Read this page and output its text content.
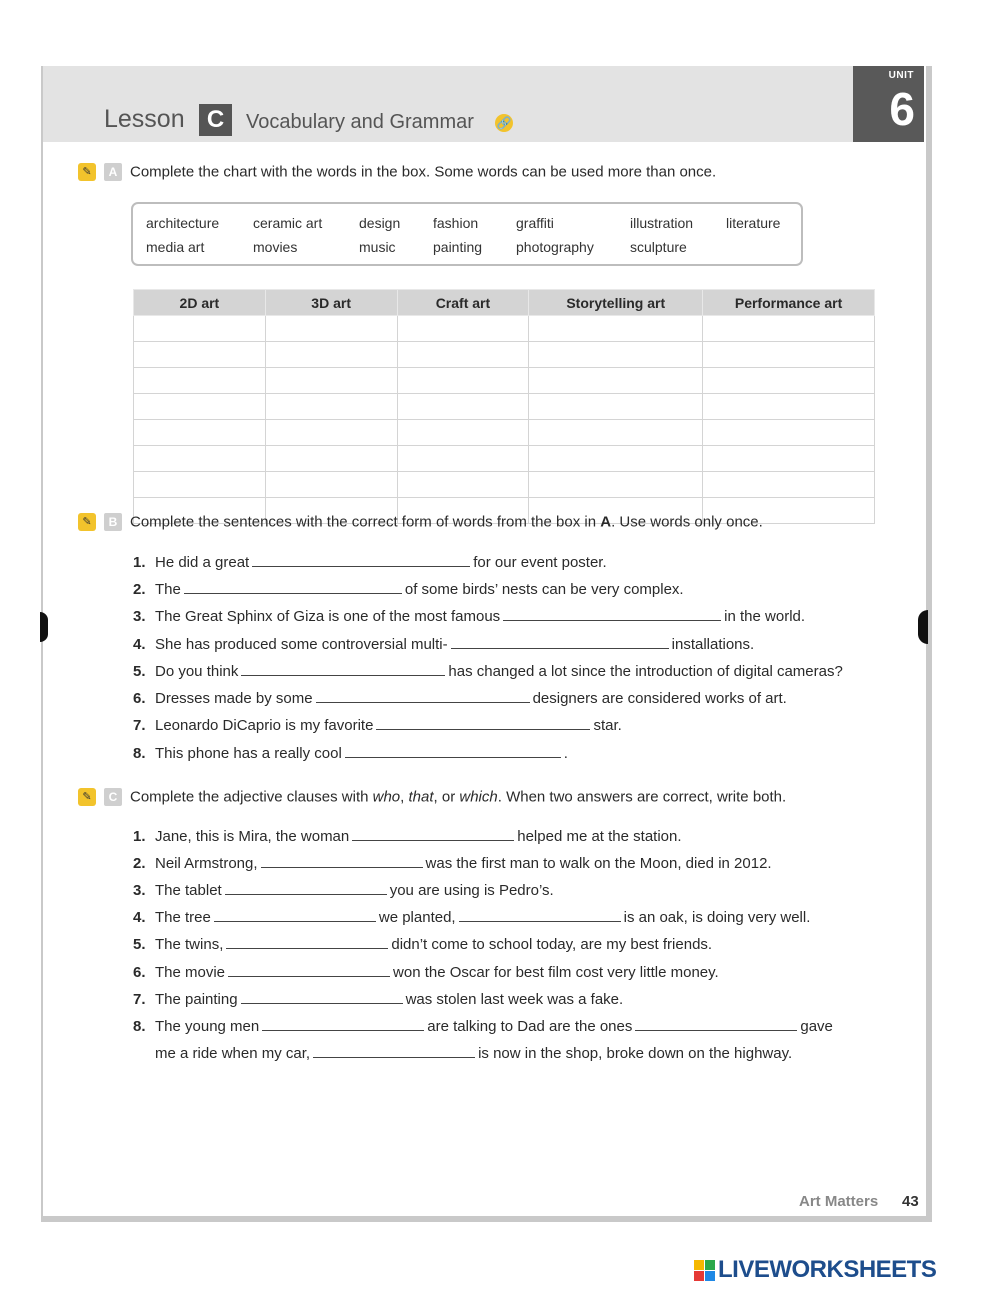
Lesson C	Vocabulary and Grammar 🔗
UNIT
6
✎ A Complete the chart with the words in the box. Some words can be used more than once.
architecture ceramic art	design fashion	graffiti	illustration literature
media art	movies	music	painting photography	sculpture
2D art	3D art	Craft art	Storytelling art	Performance art

✎ B Complete the sentences with the correct form of words from the box in A. Use words only once.
1. He did a great	for our event poster.
2. The	of some birds’ nests can be very complex.
3. The Great Sphinx of Giza is one of the most famous	in the world.
4. She has produced some controversial multi-	installations.
5. Do you think	has changed a lot since the introduction of digital cameras?
6. Dresses made by some	designers are considered works of art.
7. Leonardo DiCaprio is my favorite	star.
8. This phone has a really cool	.
✎ C Complete the adjective clauses with who, that, or which. When two answers are correct, write both.
1. Jane, this is Mira, the woman	helped me at the station.
2. Neil Armstrong,	was the first man to walk on the Moon, died in 2012.
3. The tablet	you are using is Pedro’s.
4. The tree	we planted,	is an oak, is doing very well.
5. The twins,	didn’t come to school today, are my best friends.
6. The movie	won the Oscar for best film cost very little money.
7. The painting	was stolen last week was a fake.
8. The young men	are talking to Dad are the ones	gave
me a ride when my car,	is now in the shop, broke down on the highway.
Art Matters 43
LIVEWORKSHEETS
